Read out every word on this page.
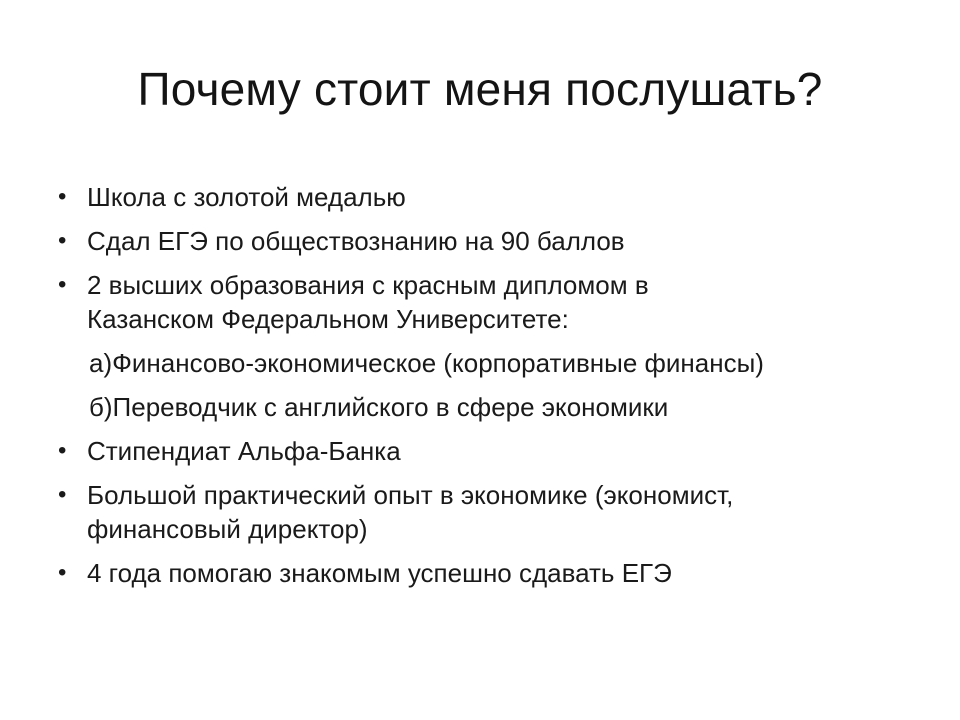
Почему стоит меня послушать?
• Школа с золотой медалью
• Сдал ЕГЭ по обществознанию на 90 баллов
• 2 высших образования с красным дипломом в Казанском Федеральном Университете:
а)Финансово-экономическое (корпоративные финансы)
б)Переводчик с английского в сфере экономики
• Стипендиат Альфа-Банка
• Большой практический опыт в экономике (экономист, финансовый директор)
• 4 года помогаю знакомым успешно сдавать ЕГЭ
